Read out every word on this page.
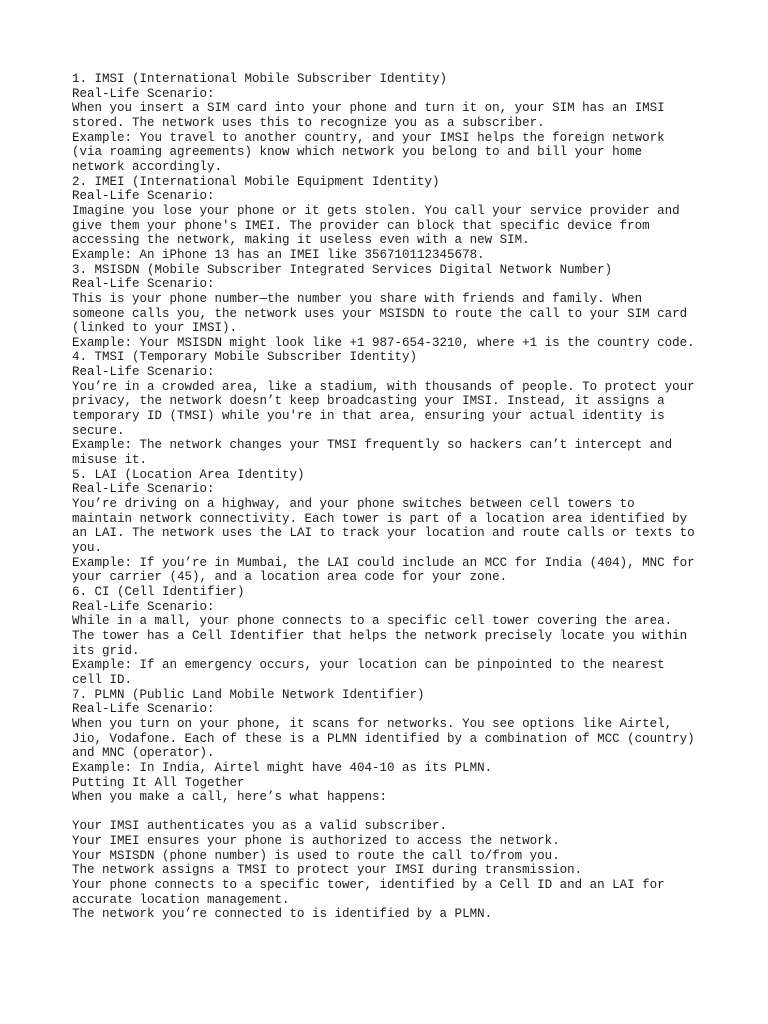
1. IMSI (International Mobile Subscriber Identity)
Real-Life Scenario:
When you insert a SIM card into your phone and turn it on, your SIM has an IMSI
stored. The network uses this to recognize you as a subscriber.
Example: You travel to another country, and your IMSI helps the foreign network
(via roaming agreements) know which network you belong to and bill your home
network accordingly.
2. IMEI (International Mobile Equipment Identity)
Real-Life Scenario:
Imagine you lose your phone or it gets stolen. You call your service provider and
give them your phone's IMEI. The provider can block that specific device from
accessing the network, making it useless even with a new SIM.
Example: An iPhone 13 has an IMEI like 356710112345678.
3. MSISDN (Mobile Subscriber Integrated Services Digital Network Number)
Real-Life Scenario:
This is your phone number—the number you share with friends and family. When
someone calls you, the network uses your MSISDN to route the call to your SIM card
(linked to your IMSI).
Example: Your MSISDN might look like +1 987-654-3210, where +1 is the country code.
4. TMSI (Temporary Mobile Subscriber Identity)
Real-Life Scenario:
You’re in a crowded area, like a stadium, with thousands of people. To protect your
privacy, the network doesn’t keep broadcasting your IMSI. Instead, it assigns a
temporary ID (TMSI) while you're in that area, ensuring your actual identity is
secure.
Example: The network changes your TMSI frequently so hackers can’t intercept and
misuse it.
5. LAI (Location Area Identity)
Real-Life Scenario:
You’re driving on a highway, and your phone switches between cell towers to
maintain network connectivity. Each tower is part of a location area identified by
an LAI. The network uses the LAI to track your location and route calls or texts to
you.
Example: If you’re in Mumbai, the LAI could include an MCC for India (404), MNC for
your carrier (45), and a location area code for your zone.
6. CI (Cell Identifier)
Real-Life Scenario:
While in a mall, your phone connects to a specific cell tower covering the area.
The tower has a Cell Identifier that helps the network precisely locate you within
its grid.
Example: If an emergency occurs, your location can be pinpointed to the nearest
cell ID.
7. PLMN (Public Land Mobile Network Identifier)
Real-Life Scenario:
When you turn on your phone, it scans for networks. You see options like Airtel,
Jio, Vodafone. Each of these is a PLMN identified by a combination of MCC (country)
and MNC (operator).
Example: In India, Airtel might have 404-10 as its PLMN.
Putting It All Together
When you make a call, here’s what happens:
Your IMSI authenticates you as a valid subscriber.
Your IMEI ensures your phone is authorized to access the network.
Your MSISDN (phone number) is used to route the call to/from you.
The network assigns a TMSI to protect your IMSI during transmission.
Your phone connects to a specific tower, identified by a Cell ID and an LAI for
accurate location management.
The network you’re connected to is identified by a PLMN.
